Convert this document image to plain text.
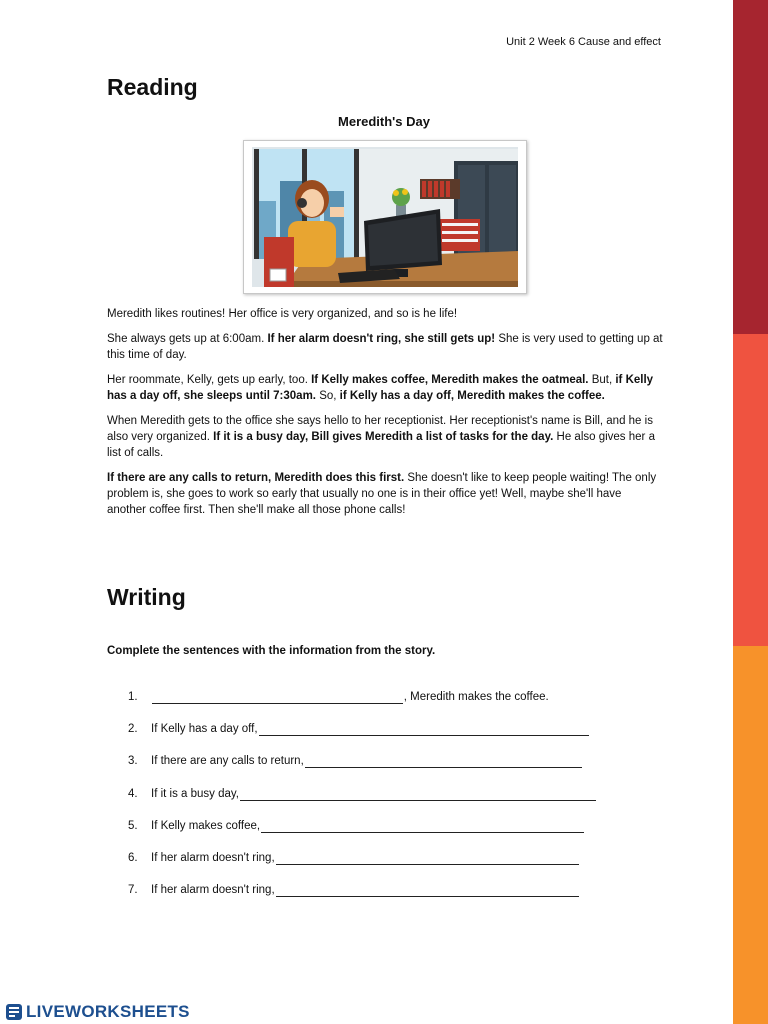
Unit 2 Week 6 Cause and effect
Reading
Meredith's Day

Meredith likes routines! Her office is very organized, and so is he life!

She always gets up at 6:00am. If her alarm doesn't ring, she still gets up! She is very used to getting up at this time of day.

Her roommate, Kelly, gets up early, too. If Kelly makes coffee, Meredith makes the oatmeal. But, if Kelly has a day off, she sleeps until 7:30am. So, if Kelly has a day off, Meredith makes the coffee.

When Meredith gets to the office she says hello to her receptionist. Her receptionist's name is Bill, and he is also very organized. If it is a busy day, Bill gives Meredith a list of tasks for the day. He also gives her a list of calls.

If there are any calls to return, Meredith does this first. She doesn't like to keep people waiting! The only problem is, she goes to work so early that usually no one is in their office yet! Well, maybe she'll have another coffee first. Then she'll make all those phone calls!

Writing
Complete the sentences with the information from the story.
1.	, Meredith makes the coffee.
2.	If Kelly has a day off,
3.	If there are any calls to return,
4.	If it is a busy day,
5.	If Kelly makes coffee,
6.	If her alarm doesn't ring,
7.	If her alarm doesn't ring,
LIVEWORKSHEETS
